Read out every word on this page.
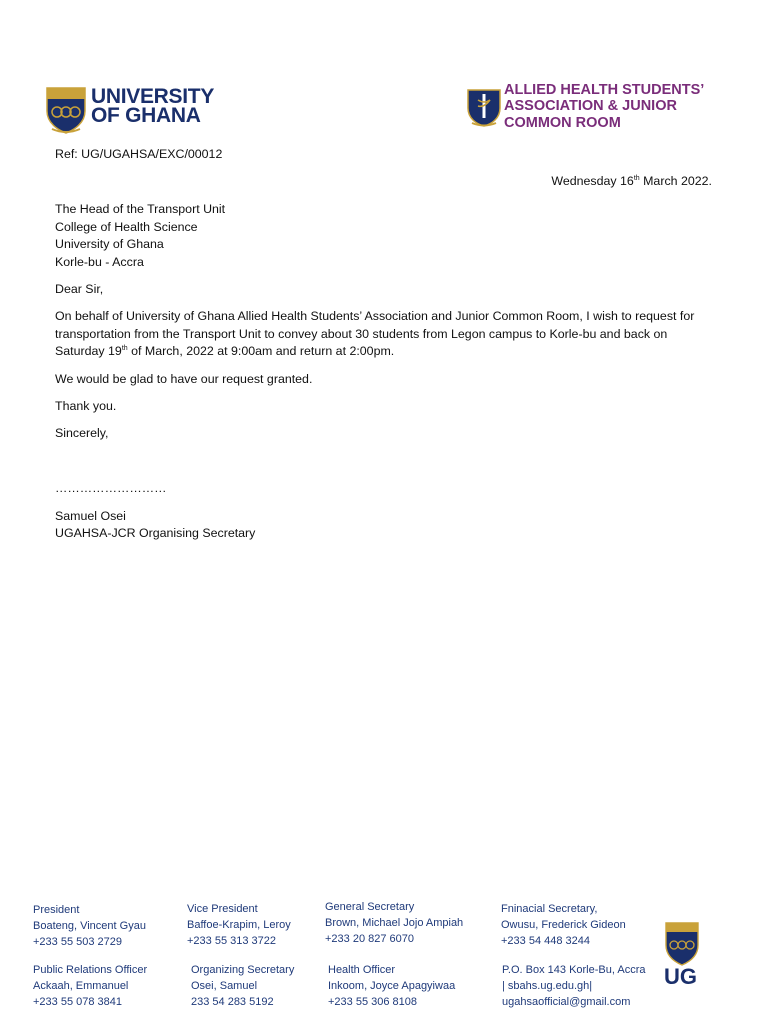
UNIVERSITY
OF GHANA
ALLIED HEALTH STUDENTS’
ASSOCIATION & JUNIOR
COMMON ROOM
Ref: UG/UGAHSA/EXC/00012
Wednesday 16th March 2022.
The Head of the Transport Unit
College of Health Science
University of Ghana
Korle-bu - Accra
Dear Sir,
On behalf of University of Ghana Allied Health Students’ Association and Junior Common Room, I wish to request for transportation from the Transport Unit to convey about 30 students from Legon campus to Korle-bu and back on Saturday 19th of March, 2022 at 9:00am and return at 2:00pm.
We would be glad to have our request granted.
Thank you.
Sincerely,
………………………
Samuel Osei
UGAHSA-JCR Organising Secretary
President
Boateng, Vincent Gyau
+233 55 503 2729
Public Relations Officer
Ackaah, Emmanuel
+233 55 078 3841
Vice President
Baffoe-Krapim, Leroy
+233 55 313 3722
Organizing Secretary
Osei, Samuel
233 54 283 5192
General Secretary
Brown, Michael Jojo Ampiah
+233 20 827 6070
Health Officer
Inkoom, Joyce Apagyiwaa
+233 55 306 8108
Fninacial Secretary,
Owusu, Frederick Gideon
+233 54 448 3244
P.O. Box 143 Korle-Bu, Accra
| sbahs.ug.edu.gh|
ugahsaofficial@gmail.com
UG
